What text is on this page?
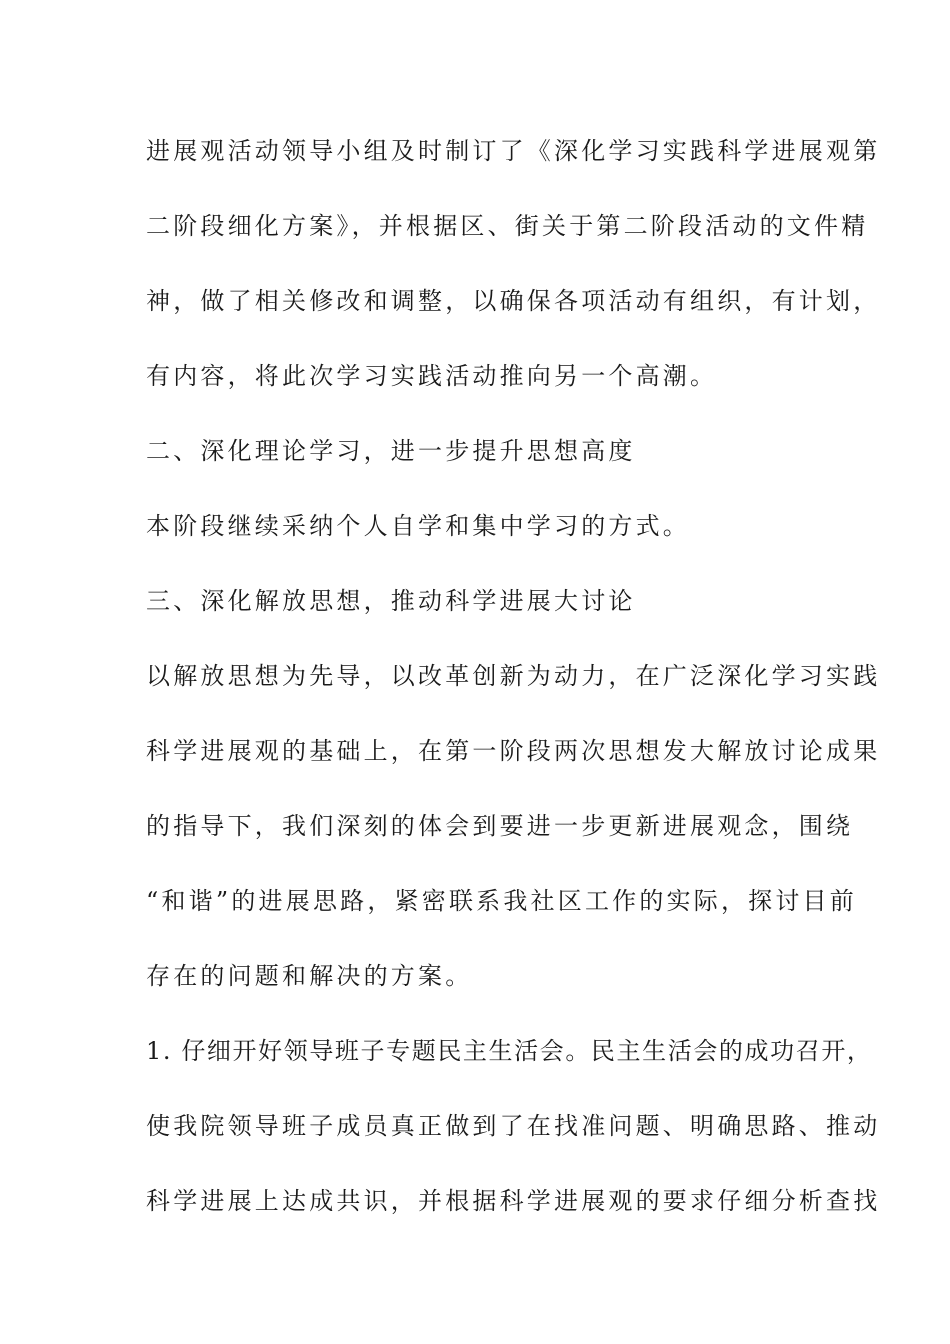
进展观活动领导小组及时制订了《深化学习实践科学进展观第
二阶段细化方案》，并根据区、街关于第二阶段活动的文件精
神，做了相关修改和调整，以确保各项活动有组织，有计划，
有内容，将此次学习实践活动推向另一个高潮。
二、深化理论学习，进一步提升思想高度
本阶段继续采纳个人自学和集中学习的方式。
三、深化解放思想，推动科学进展大讨论
以解放思想为先导，以改革创新为动力，在广泛深化学习实践
科学进展观的基础上，在第一阶段两次思想发大解放讨论成果
的指导下，我们深刻的体会到要进一步更新进展观念，围绕
“和谐”的进展思路，紧密联系我社区工作的实际，探讨目前
存在的问题和解决的方案。
1. 仔细开好领导班子专题民主生活会。民主生活会的成功召开，
使我院领导班子成员真正做到了在找准问题、明确思路、推动
科学进展上达成共识，并根据科学进展观的要求仔细分析查找
